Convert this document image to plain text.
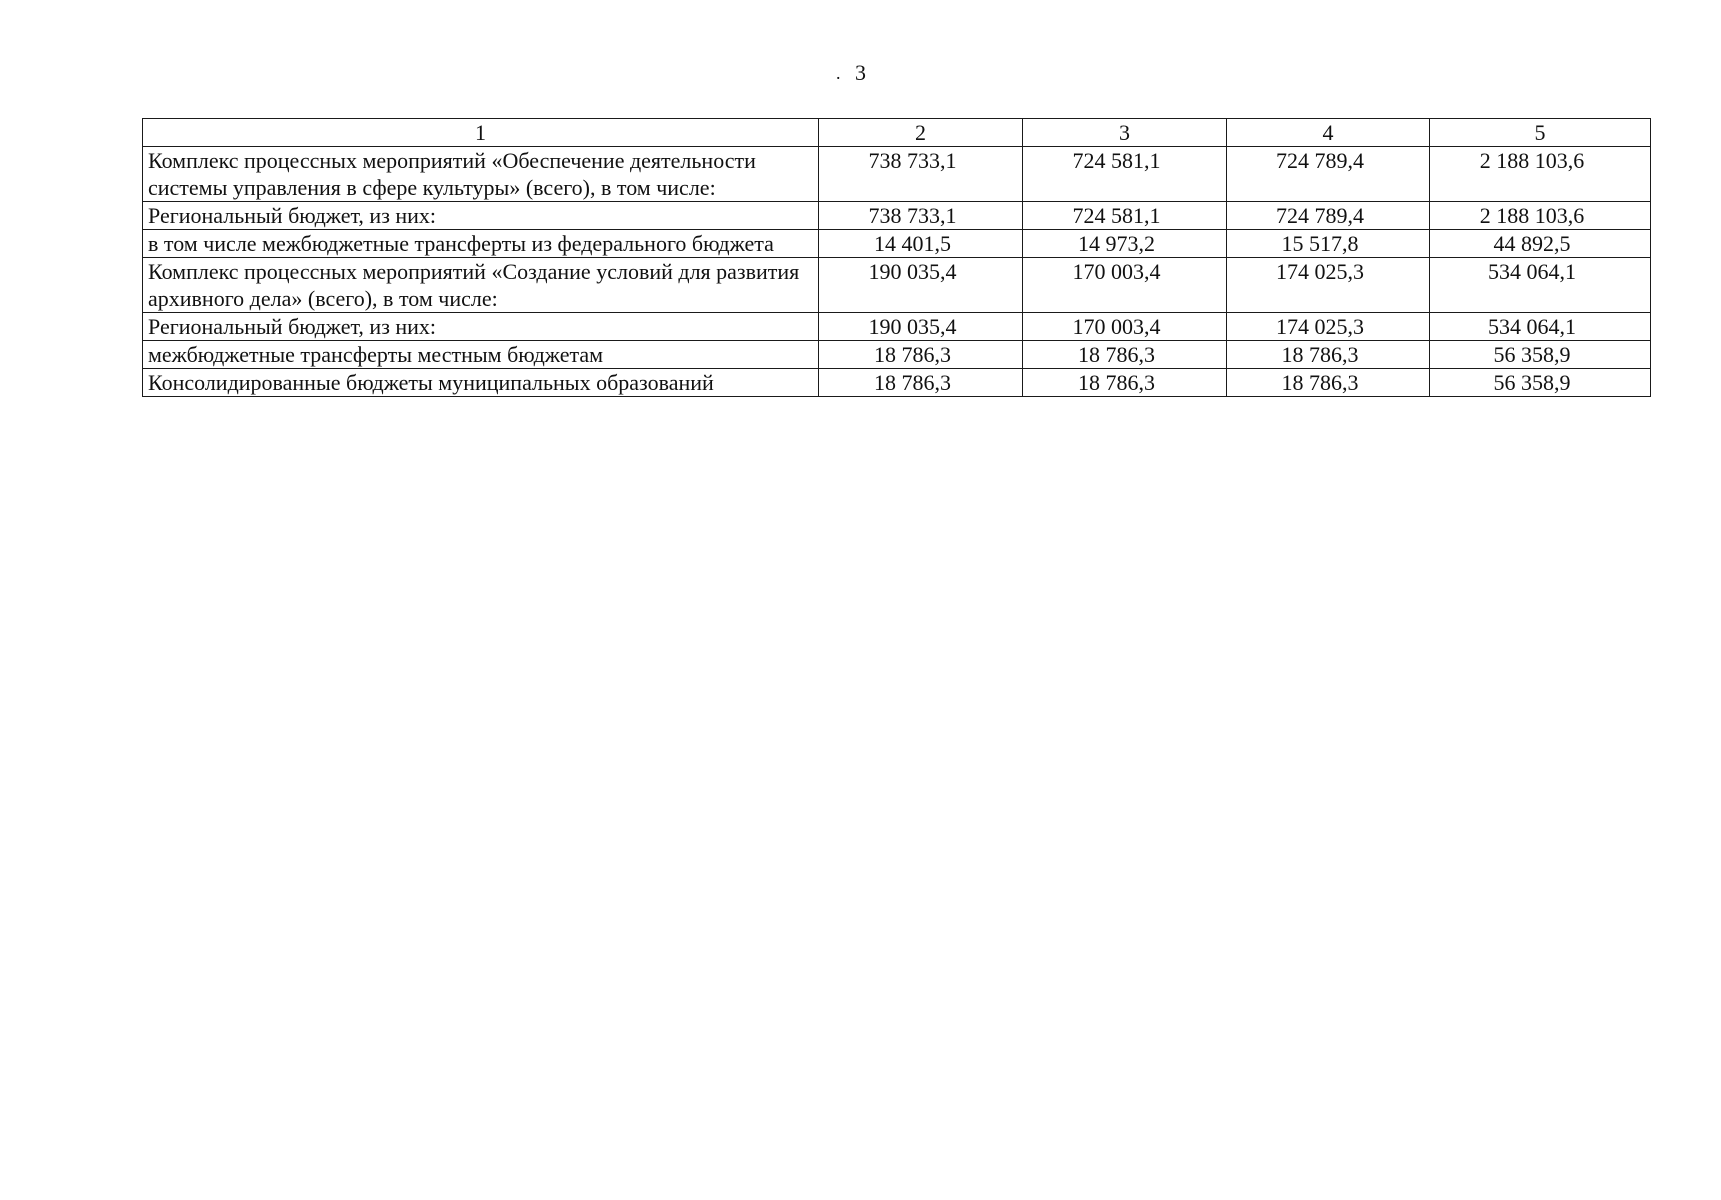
. 3
1	2	3	4	5
Комплекс процессных мероприятий «Обеспечение деятельности системы управления в сфере культуры» (всего), в том числе:	738 733,1	724 581,1	724 789,4	2 188 103,6
Региональный бюджет, из них:	738 733,1	724 581,1	724 789,4	2 188 103,6
в том числе межбюджетные трансферты из федерального бюджета	14 401,5	14 973,2	15 517,8	44 892,5
Комплекс процессных мероприятий «Создание условий для развития архивного дела» (всего), в том числе:	190 035,4	170 003,4	174 025,3	534 064,1
Региональный бюджет, из них:	190 035,4	170 003,4	174 025,3	534 064,1
межбюджетные трансферты местным бюджетам	18 786,3	18 786,3	18 786,3	56 358,9
Консолидированные бюджеты муниципальных образований	18 786,3	18 786,3	18 786,3	56 358,9
